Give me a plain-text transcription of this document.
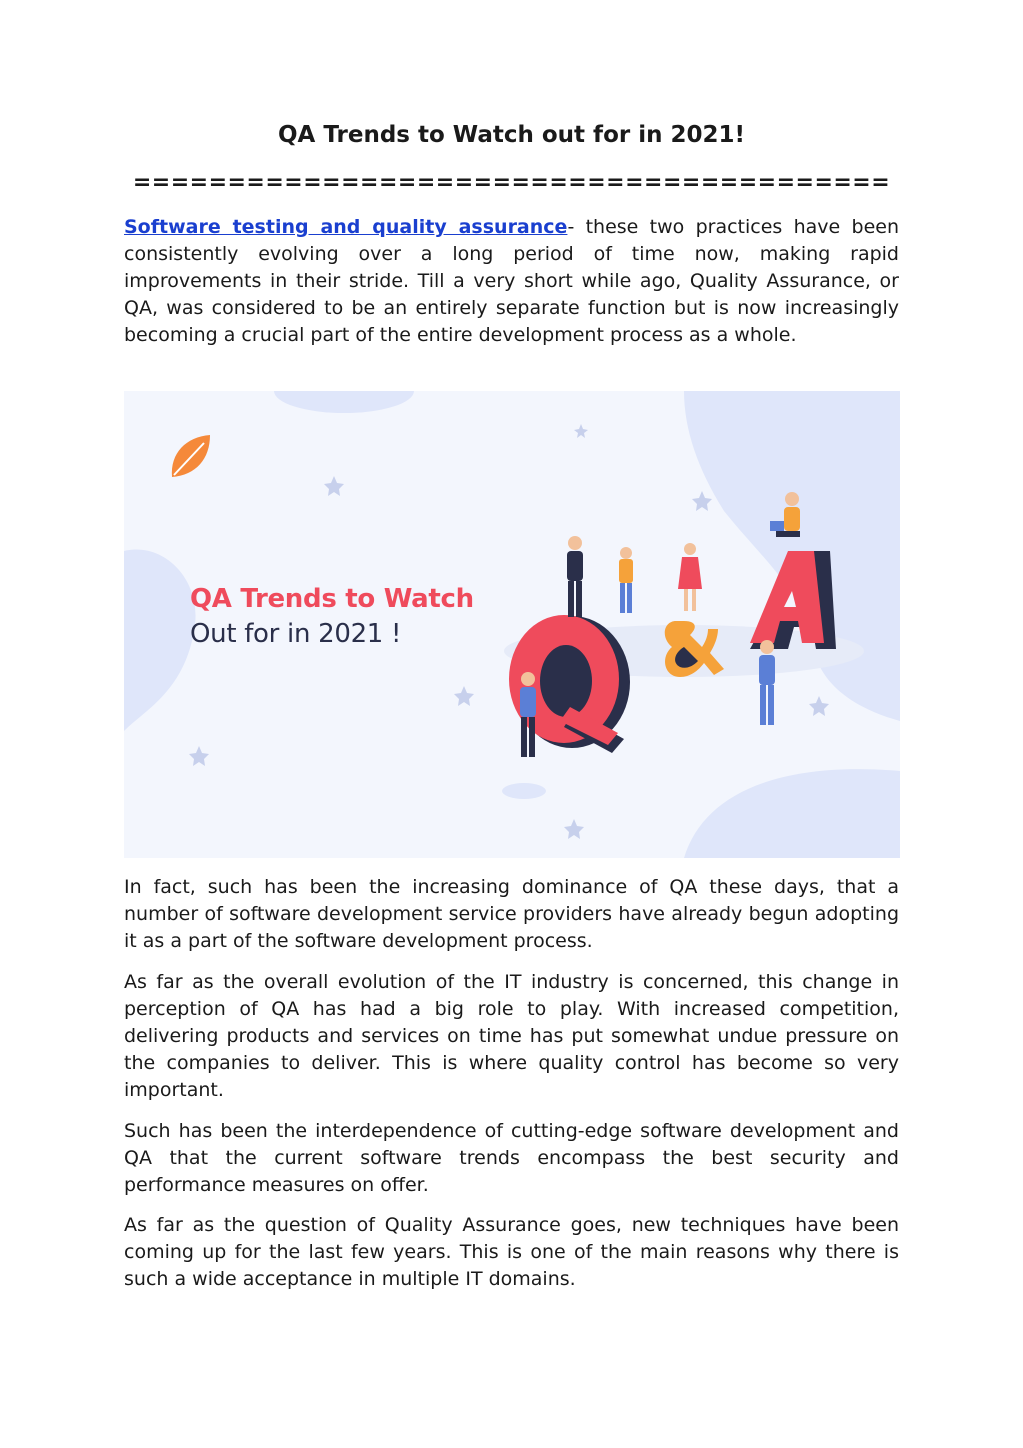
QA Trends to Watch out for in 2021!

========================================

Software testing and quality assurance- these two practices have been consistently evolving over a long period of time now, making rapid improvements in their stride. Till a very short while ago, Quality Assurance, or QA, was considered to be an entirely separate function but is now increasingly becoming a crucial part of the entire development process as a whole.

QA Trends to Watch

Out for in 2021 !

In fact, such has been the increasing dominance of QA these days, that a number of software development service providers have already begun adopting it as a part of the software development process.

As far as the overall evolution of the IT industry is concerned, this change in perception of QA has had a big role to play. With increased competition, delivering products and services on time has put somewhat undue pressure on the companies to deliver. This is where quality control has become so very important.

Such has been the interdependence of cutting-edge software development and QA that the current software trends encompass the best security and performance measures on offer.

As far as the question of Quality Assurance goes, new techniques have been coming up for the last few years. This is one of the main reasons why there is such a wide acceptance in multiple IT domains.
